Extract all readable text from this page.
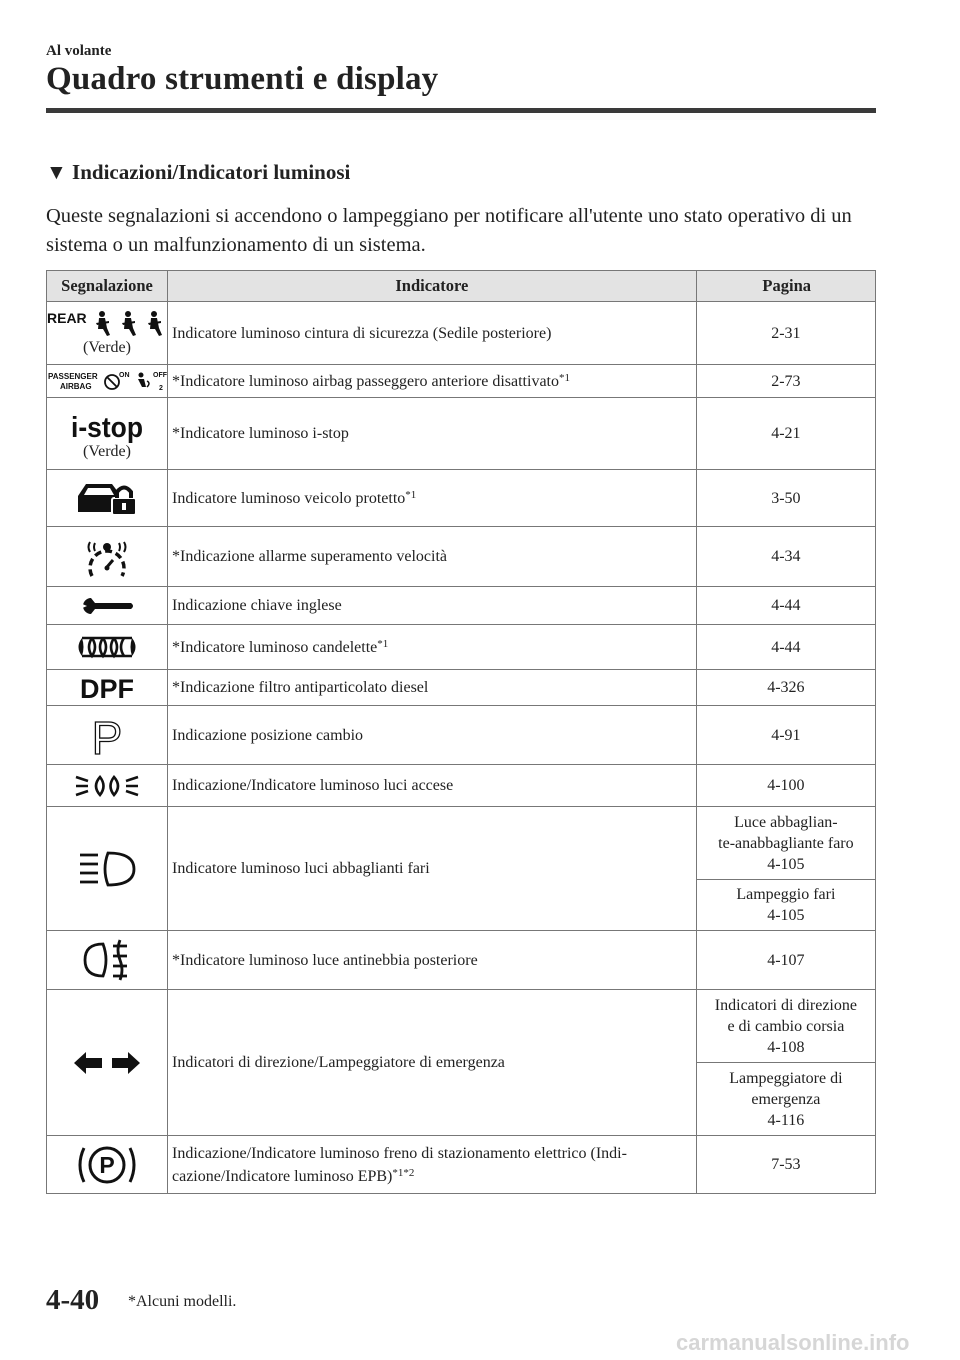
Al volante
Quadro strumenti e display
▼ Indicazioni/Indicatori luminosi
Queste segnalazioni si accendono o lampeggiano per notificare all'utente uno stato operativo di un sistema o un malfunzionamento di un sistema.
Segnalazione	Indicatore	Pagina

REAR
(Verde)	Indicatore luminoso cintura di sicurezza (Sedile posteriore)	2-31

PASSENGER
AIRBAG
ON OFF
2	*Indicatore luminoso airbag passeggero anteriore disattivato$^{*1}$	2-73

i-stop
(Verde)	*Indicatore luminoso i-stop	4-21
	Indicatore luminoso veicolo protetto$^{*1}$	3-50
	*Indicazione allarme superamento velocità	4-34
	Indicazione chiave inglese	4-44
	*Indicatore luminoso candelette$^{*1}$	4-44

DPF	*Indicazione filtro antiparticolato diesel	4-326

P	Indicazione posizione cambio	4-91
	Indicazione/Indicatore luminoso luci accese	4-100
	Indicatore luminoso luci abbaglianti fari	Luce abbaglian-
te-anabbagliante faro
4-105

		Lampeggio fari
4-105

	*Indicatore luminoso luce antinebbia posteriore	4-107
	Indicatori di direzione/Lampeggiatore di emergenza	Indicatori di direzione
e di cambio corsia
4-108

		Lampeggiatore di
emergenza
4-116

P	Indicazione/Indicatore luminoso freno di stazionamento elettrico (Indi-
cazione/Indicatore luminoso EPB)$^{*1*2}$	7-53
4-40 *Alcuni modelli.
carmanualsonline.info
